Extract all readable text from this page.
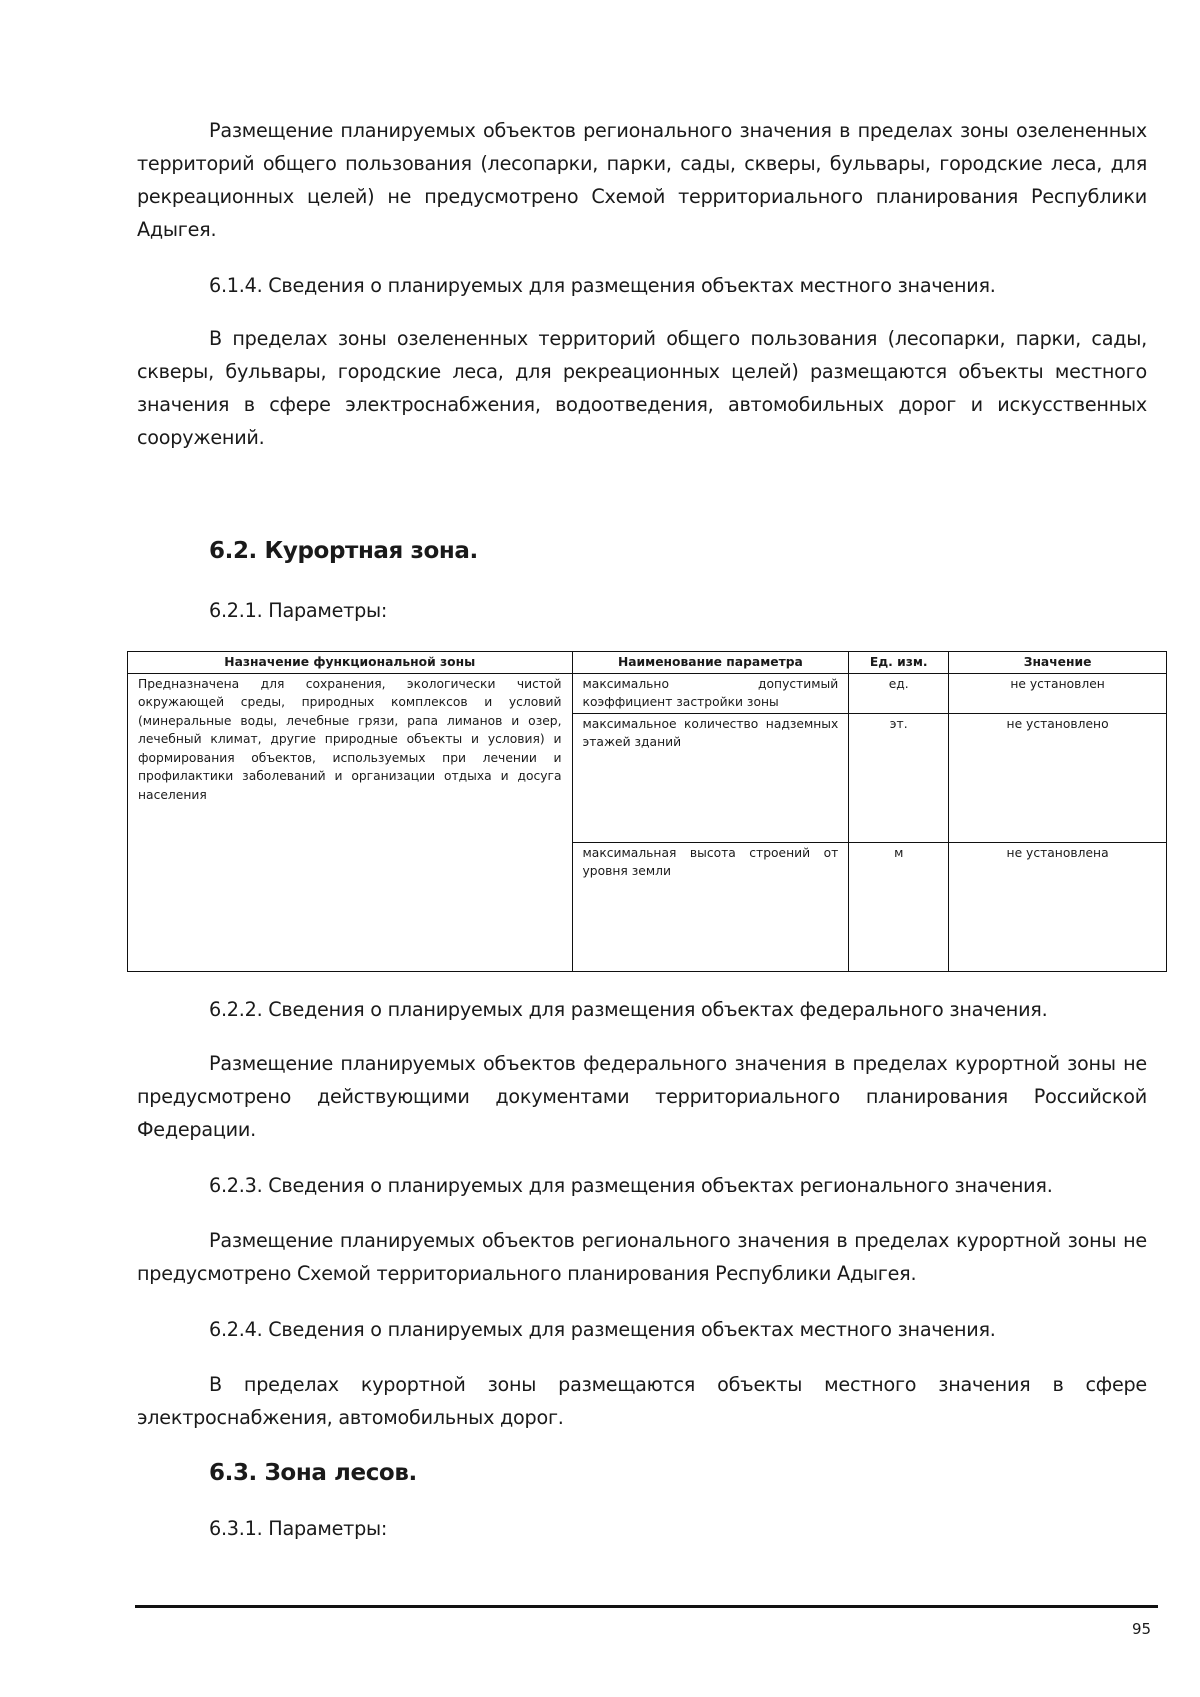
Размещение планируемых объектов регионального значения в пределах зоны озелененных территорий общего пользования (лесопарки, парки, сады, скверы, бульвары, городские леса, для рекреационных целей) не предусмотрено Схемой территориального планирования Республики Адыгея.

6.1.4. Сведения о планируемых для размещения объектах местного значения.

В пределах зоны озелененных территорий общего пользования (лесопарки, парки, сады, скверы, бульвары, городские леса, для рекреационных целей) размещаются объекты местного значения в сфере электроснабжения, водоотведения, автомобильных дорог и искусственных сооружений.

6.2. Курортная зона.

6.2.1. Параметры:

Назначение функциональной зоны	Наименование параметра	Ед. изм.	Значение
Предназначена для сохранения, экологически чистой окружающей среды, природных комплексов и условий (минеральные воды, лечебные грязи, рапа лиманов и озер, лечебный климат, другие природные объекты и условия) и формирования объектов, используемых при лечении и профилактики заболеваний и организации отдыха и досуга населения	максимально допустимый коэффициент застройки зоны	ед.	не установлен
	максимальное количество надземных этажей зданий	эт.	не установлено
	максимальная высота строений от уровня земли	м	не установлена

6.2.2. Сведения о планируемых для размещения объектах федерального значения.

Размещение планируемых объектов федерального значения в пределах курортной зоны не предусмотрено действующими документами территориального планирования Российской Федерации.

6.2.3. Сведения о планируемых для размещения объектах регионального значения.

Размещение планируемых объектов регионального значения в пределах курортной зоны не предусмотрено Схемой территориального планирования Республики Адыгея.

6.2.4. Сведения о планируемых для размещения объектах местного значения.

В пределах курортной зоны размещаются объекты местного значения в сфере электроснабжения, автомобильных дорог.

6.3. Зона лесов.

6.3.1. Параметры:

95
